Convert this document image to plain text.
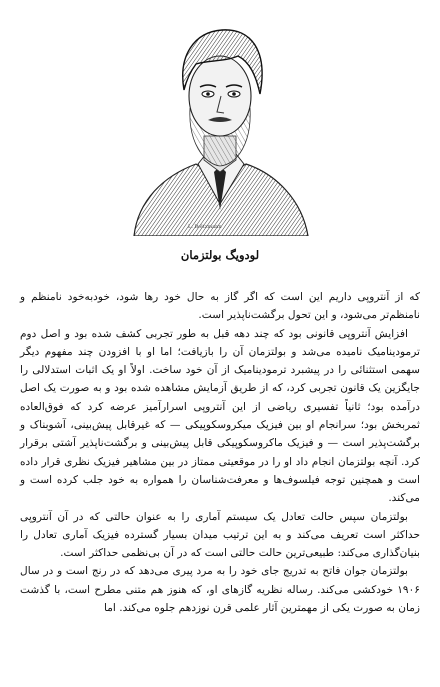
L. Boltzmann
لودویگ بولتزمان

که از آنتروپی داریم این است که اگر گاز به حال خود رها شود، خودبه‌خود نامنظم و نامنظم‌تر می‌شود، و این تحول برگشت‌ناپذیر است.

افزایش آنتروپی قانونی بود که چند دهه قبل به طور تجربی کشف شده بود و اصل دوم ترمودینامیک نامیده می‌شد و بولتزمان آن را بازیافت؛ اما او با افزودن چند مفهوم دیگر سهمی استثنائی را در پیشبرد ترمودینامیک از آن خود ساخت. اولاً او یک اثبات استدلالی را جایگزین یک قانون تجربی کرد، که از طریق آزمایش مشاهده شده بود و به صورت یک اصل درآمده بود؛ ثانیاً تفسیری ریاضی از این آنتروپی اسرارآمیز عرضه کرد که فوق‌العاده ثمربخش بود؛ سرانجام او بین فیزیک میکروسکوپیکی — که غیرقابل پیش‌بینی، آشوبناک و برگشت‌پذیر است — و فیزیک ماکروسکوپیکی قابل پیش‌بینی و برگشت‌ناپذیر آشتی برقرار کرد. آنچه بولتزمان انجام داد او را در موقعیتی ممتاز در بین مشاهیر فیزیک نظری قرار داده است و همچنین توجه فیلسوف‌ها و معرفت‌شناسان را همواره به خود جلب کرده است و می‌کند.

بولتزمان سپس حالت تعادل یک سیستم آماری را به عنوان حالتی که در آن آنتروپی حداکثر است تعریف می‌کند و به این ترتیب میدان بسیار گسترده فیزیک آماری تعادل را بنیان‌گذاری می‌کند: طبیعی‌ترین حالت حالتی است که در آن بی‌نظمی حداکثر است.

بولتزمان جوان فاتح به تدریج جای خود را به مرد پیری می‌دهد که در رنج است و در سال ۱۹۰۶ خودکشی می‌کند. رساله نظریه گازهای او، که هنوز هم متنی مطرح است، با گذشت زمان به صورت یکی از مهمترین آثار علمی قرن نوزدهم جلوه می‌کند. اما
